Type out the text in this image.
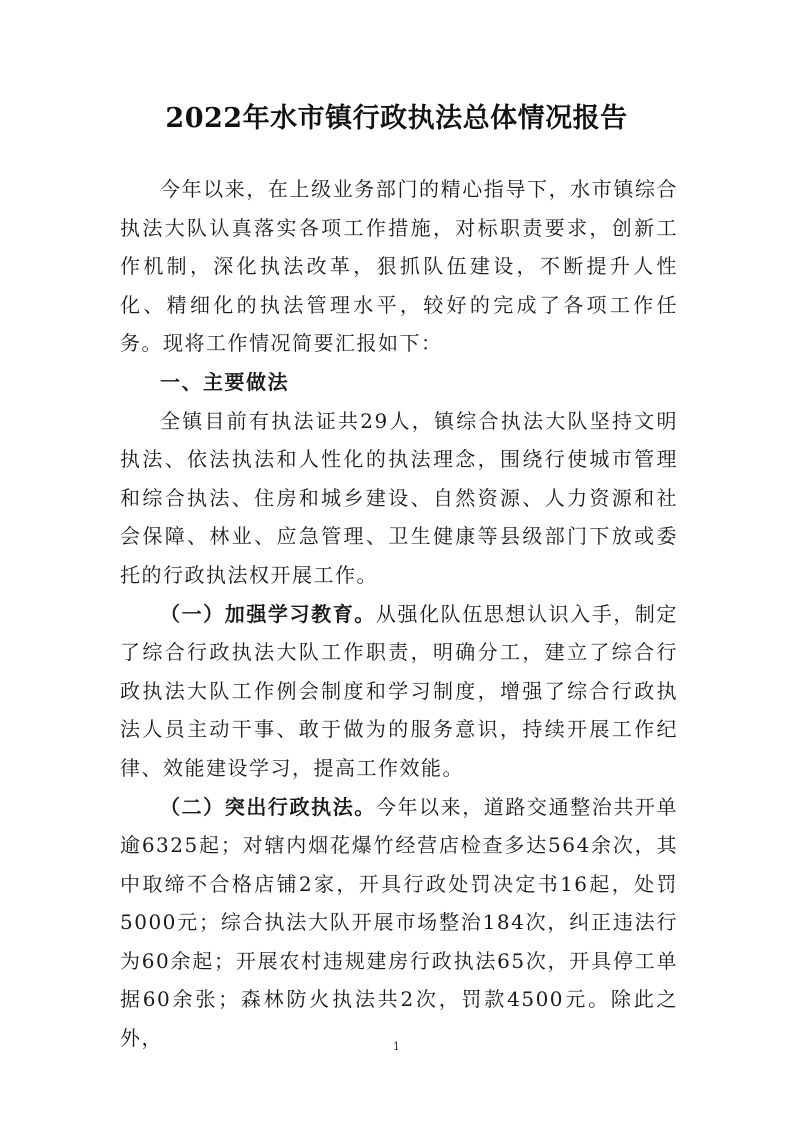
2022年水市镇行政执法总体情况报告

今年以来，在上级业务部门的精心指导下，水市镇综合执法大队认真落实各项工作措施，对标职责要求，创新工作机制，深化执法改革，狠抓队伍建设，不断提升人性化、精细化的执法管理水平，较好的完成了各项工作任务。现将工作情况简要汇报如下：

一、主要做法

全镇目前有执法证共29人，镇综合执法大队坚持文明执法、依法执法和人性化的执法理念，围绕行使城市管理和综合执法、住房和城乡建设、自然资源、人力资源和社会保障、林业、应急管理、卫生健康等县级部门下放或委托的行政执法权开展工作。

（一）加强学习教育。从强化队伍思想认识入手，制定了综合行政执法大队工作职责，明确分工，建立了综合行政执法大队工作例会制度和学习制度，增强了综合行政执法人员主动干事、敢于做为的服务意识，持续开展工作纪律、效能建设学习，提高工作效能。

（二）突出行政执法。今年以来，道路交通整治共开单逾6325起；对辖内烟花爆竹经营店检查多达564余次，其中取缔不合格店铺2家，开具行政处罚决定书16起，处罚5000元；综合执法大队开展市场整治184次，纠正违法行为60余起；开展农村违规建房行政执法65次，开具停工单据60余张；森林防火执法共2次，罚款4500元。除此之外，	1
